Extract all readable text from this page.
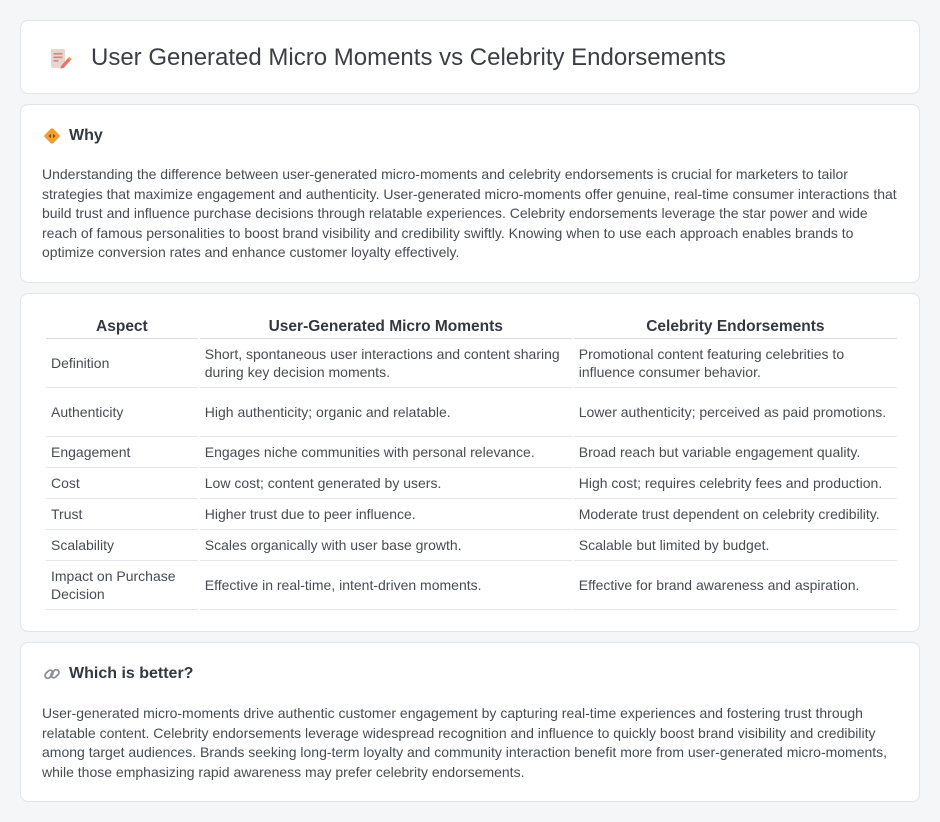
User Generated Micro Moments vs Celebrity Endorsements
Why

Understanding the difference between user-generated micro-moments and celebrity endorsements is crucial for marketers to tailor strategies that maximize engagement and authenticity. User-generated micro-moments offer genuine, real-time consumer interactions that build trust and influence purchase decisions through relatable experiences. Celebrity endorsements leverage the star power and wide reach of famous personalities to boost brand visibility and credibility swiftly. Knowing when to use each approach enables brands to optimize conversion rates and enhance customer loyalty effectively.

Aspect	User-Generated Micro Moments	Celebrity Endorsements
Definition	Short, spontaneous user interactions and content sharing during key decision moments.	Promotional content featuring celebrities to influence consumer behavior.
Authenticity	High authenticity; organic and relatable.	Lower authenticity; perceived as paid promotions.
Engagement	Engages niche communities with personal relevance.	Broad reach but variable engagement quality.
Cost	Low cost; content generated by users.	High cost; requires celebrity fees and production.
Trust	Higher trust due to peer influence.	Moderate trust dependent on celebrity credibility.
Scalability	Scales organically with user base growth.	Scalable but limited by budget.
Impact on Purchase Decision	Effective in real-time, intent-driven moments.	Effective for brand awareness and aspiration.
Which is better?

User-generated micro-moments drive authentic customer engagement by capturing real-time experiences and fostering trust through relatable content. Celebrity endorsements leverage widespread recognition and influence to quickly boost brand visibility and credibility among target audiences. Brands seeking long-term loyalty and community interaction benefit more from user-generated micro-moments, while those emphasizing rapid awareness may prefer celebrity endorsements.
